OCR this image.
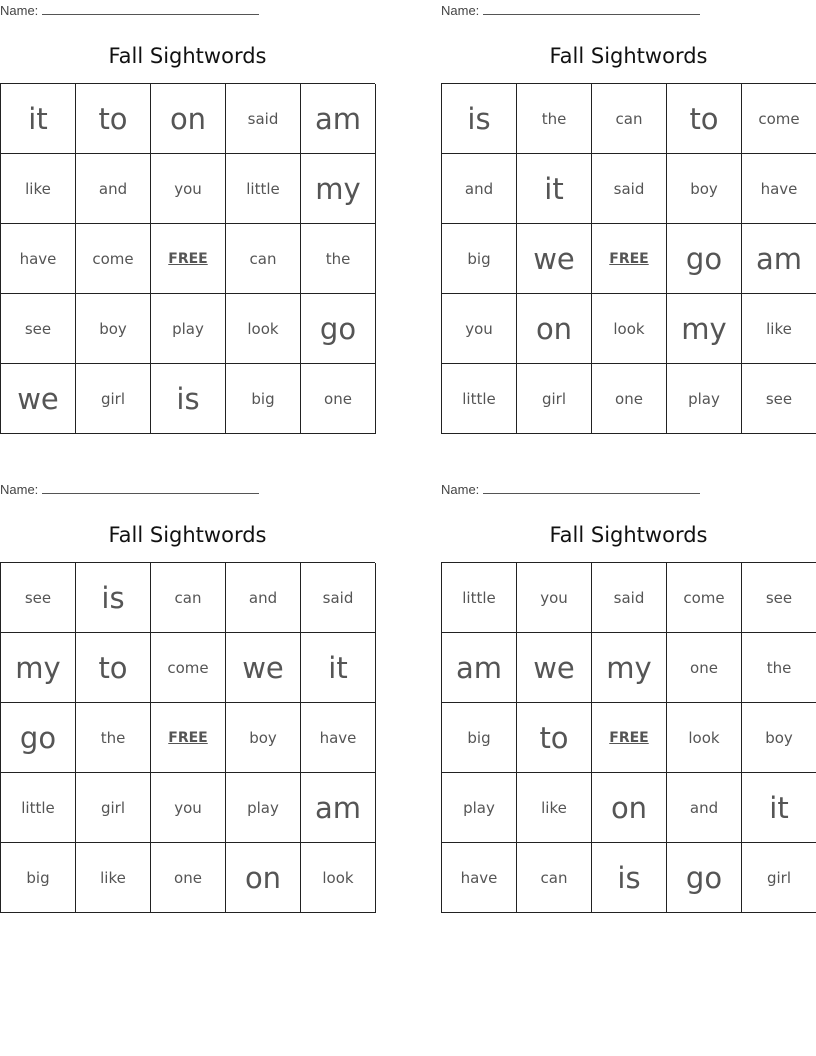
Name:
Fall Sightwords
it	to	on	said	am
like	and	you	little	my
have	come	FREE	can	the
see	boy	play	look	go
we	girl	is	big	one
Name:
Fall Sightwords
is	the	can	to	come
and	it	said	boy	have
big	we	FREE	go	am
you	on	look	my	like
little	girl	one	play	see
Name:
Fall Sightwords
see	is	can	and	said
my	to	come	we	it
go	the	FREE	boy	have
little	girl	you	play	am
big	like	one	on	look
Name:
Fall Sightwords
little	you	said	come	see
am	we	my	one	the
big	to	FREE	look	boy
play	like	on	and	it
have	can	is	go	girl
